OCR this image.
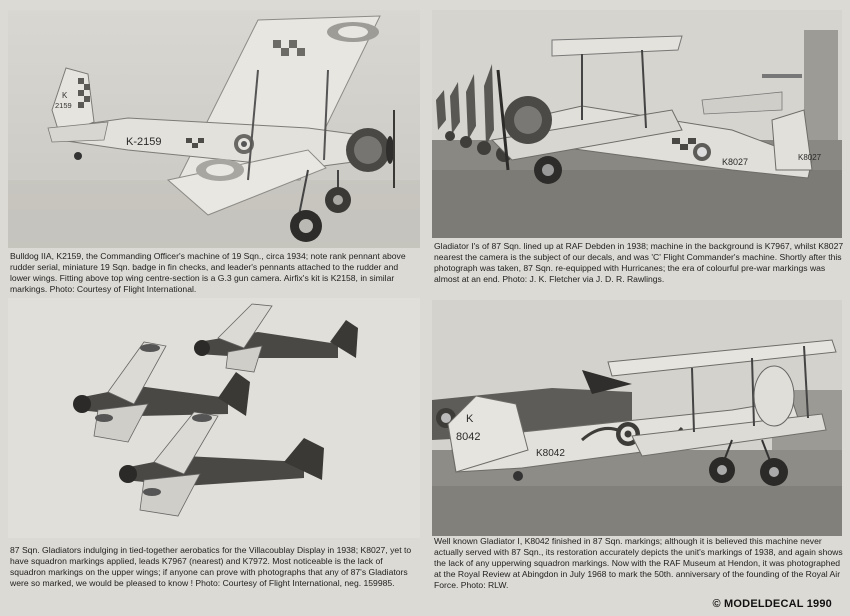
K
2159
K-2159

Bulldog IIA, K2159, the Commanding Officer's machine of 19 Sqn., circa 1934; note rank pennant above rudder serial, miniature 19 Sqn. badge in fin checks, and leader's pennants attached to the rudder and lower wings. Fitting above top wing centre-section is a G.3 gun camera. Airfix's kit is K2158, in similar markings. Photo: Courtesy of Flight International.

K8027	K8027

Gladiator I's of 87 Sqn. lined up at RAF Debden in 1938; machine in the background is K7967, whilst K8027 nearest the camera is the subject of our decals, and was 'C' Flight Commander's machine. Shortly after this photograph was taken, 87 Sqn. re-equipped with Hurricanes; the era of colourful pre-war markings was almost at an end. Photo: J. K. Fletcher via J. D. R. Rawlings.

87 Sqn. Gladiators indulging in tied-together aerobatics for the Villacoublay Display in 1938; K8027, yet to have squadron markings applied, leads K7967 (nearest) and K7972. Most noticeable is the lack of squadron markings on the upper wings; if anyone can prove with photographs that any of 87's Gladiators were so marked, we would be pleased to know ! Photo: Courtesy of Flight International, neg. 159985.

K
8042
K8042

Well known Gladiator I, K8042 finished in 87 Sqn. markings; although it is believed this machine never actually served with 87 Sqn., its restoration accurately depicts the unit's markings of 1938, and again shows the lack of any upperwing squadron markings. Now with the RAF Museum at Hendon, it was photographed at the Royal Review at Abingdon in July 1968 to mark the 50th. anniversary of the founding of the Royal Air Force. Photo: RLW.

© MODELDECAL 1990
